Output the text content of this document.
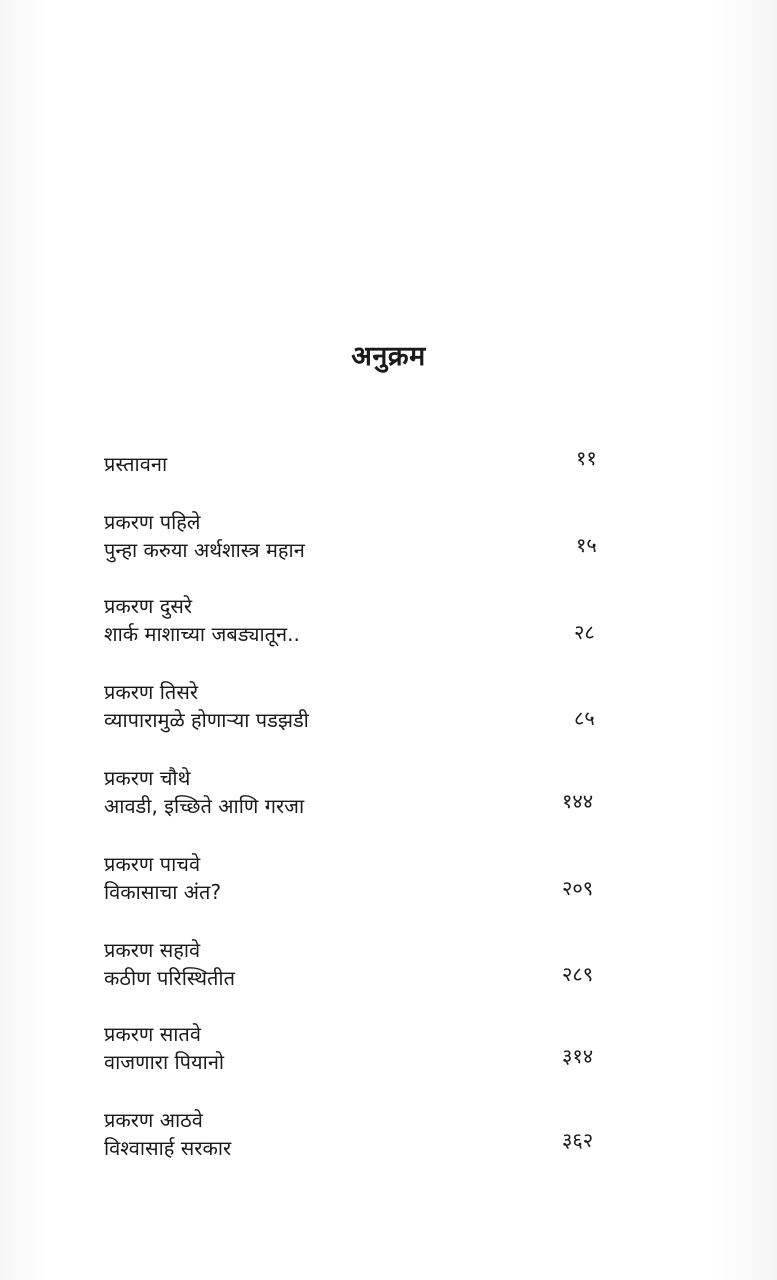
अनुक्रम
प्रस्तावना	११
प्रकरण पहिले
पुन्हा करुया अर्थशास्त्र महान	१५
प्रकरण दुसरे
शार्क माशाच्या जबड्यातून..	२८
प्रकरण तिसरे
व्यापारामुळे होणाऱ्या पडझडी	८५
प्रकरण चौथे
आवडी, इच्छिते आणि गरजा	१४४
प्रकरण पाचवे
विकासाचा अंत?	२०९
प्रकरण सहावे
कठीण परिस्थितीत	२८९
प्रकरण सातवे
वाजणारा पियानो	३१४
प्रकरण आठवे
विश्वासार्ह सरकार	३६२
